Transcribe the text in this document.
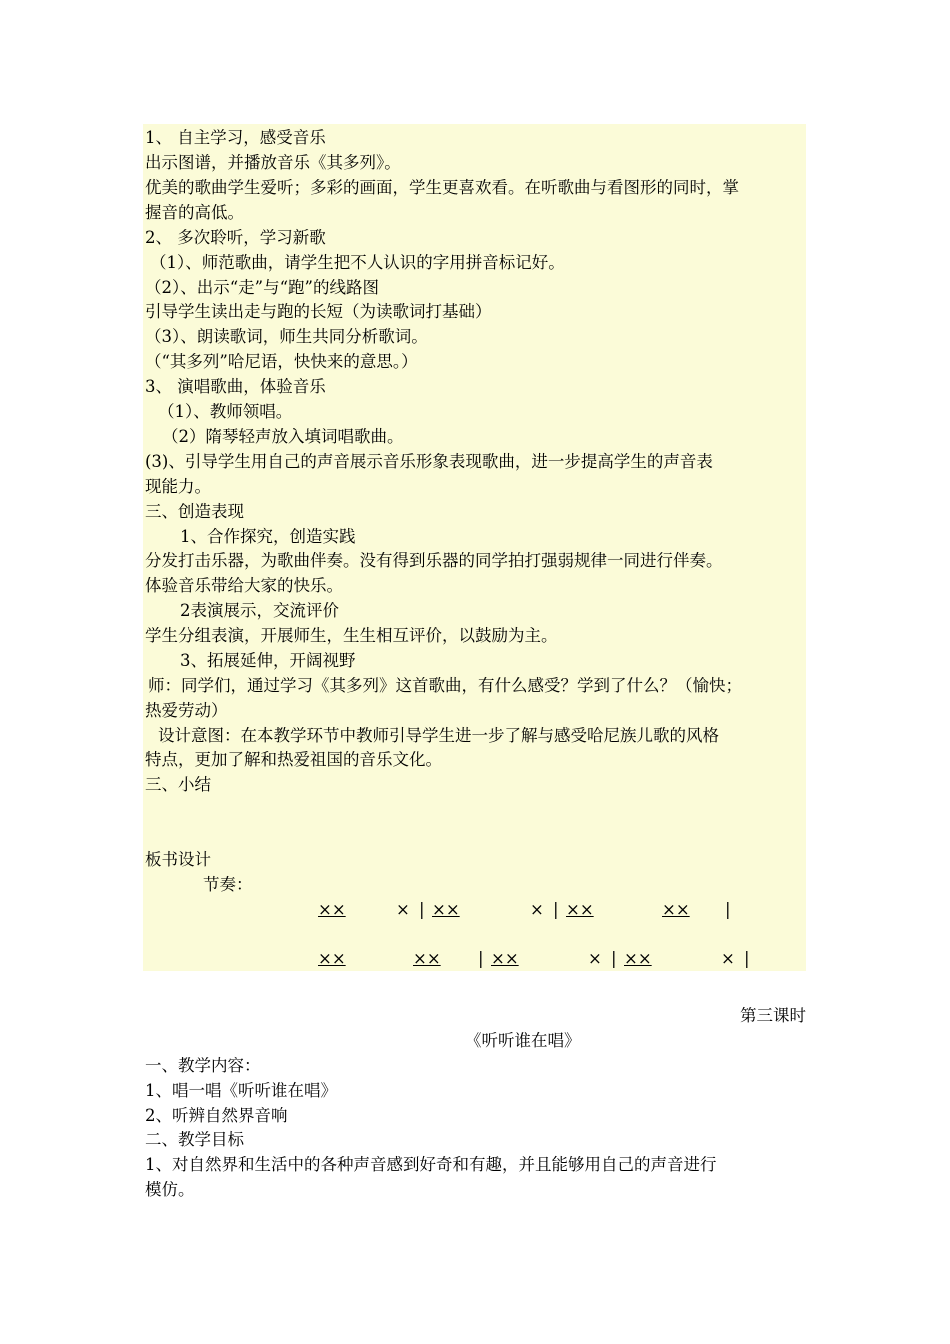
1、 自主学习，感受音乐
出示图谱，并播放音乐《其多列》。
优美的歌曲学生爱听；多彩的画面，学生更喜欢看。在听歌曲与看图形的同时，掌
握音的高低。
2、 多次聆听，学习新歌
（1）、师范歌曲，请学生把不人认识的字用拼音标记好。
（2）、出示“走”与“跑”的线路图
引导学生读出走与跑的长短（为读歌词打基础）
（3）、朗读歌词，师生共同分析歌词。
（“其多列”哈尼语，快快来的意思。）
3、 演唱歌曲，体验音乐
（1）、教师领唱。
（2）隋琴轻声放入填词唱歌曲。
(3)、引导学生用自己的声音展示音乐形象表现歌曲，进一步提高学生的声音表
现能力。
三、创造表现
1、合作探究，创造实践
分发打击乐器，为歌曲伴奏。没有得到乐器的同学拍打强弱规律一同进行伴奏。
体验音乐带给大家的快乐。
2表演展示，交流评价
学生分组表演，开展师生，生生相互评价，以鼓励为主。
3、拓展延伸，开阔视野
师：同学们，通过学习《其多列》这首歌曲，有什么感受？学到了什么？（愉快；
热爱劳动）
设计意图：在本教学环节中教师引导学生进一步了解与感受哈尼族儿歌的风格
特点，更加了解和热爱祖国的音乐文化。
三、小结
板书设计
节奏：
××	× | ××	× | ××	×× |
××	×× | ××	× | ××	× |
第三课时
《听听谁在唱》
一、教学内容：
1、唱一唱《听听谁在唱》
2、听辨自然界音响
二、教学目标
1、对自然界和生活中的各种声音感到好奇和有趣，并且能够用自己的声音进行
模仿。
